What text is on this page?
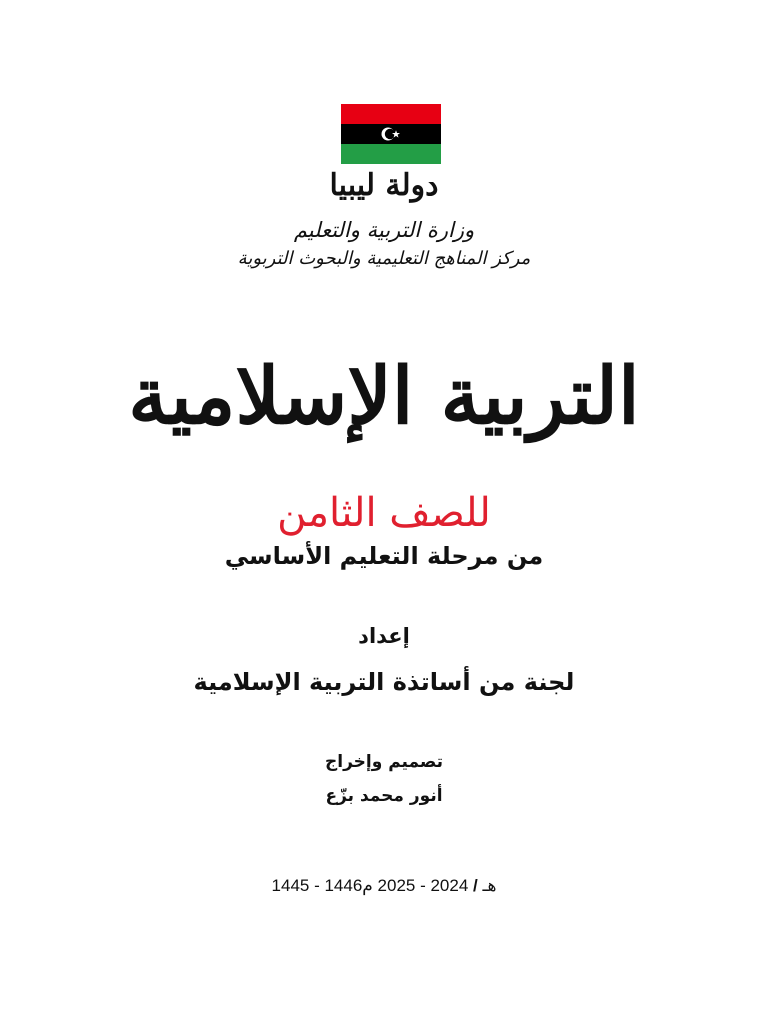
دولة ليبيا
وزارة التربية والتعليم
مركز المناهج التعليمية والبحوث التربوية
التربية الإسلامية
للصف الثامن
من مرحلة التعليم الأساسي
إعداد
لجنة من أساتذة التربية الإسلامية
تصميم وإخراج
أنور محمد بزّع
1445 - 1446هـ / 2024 - 2025 م
